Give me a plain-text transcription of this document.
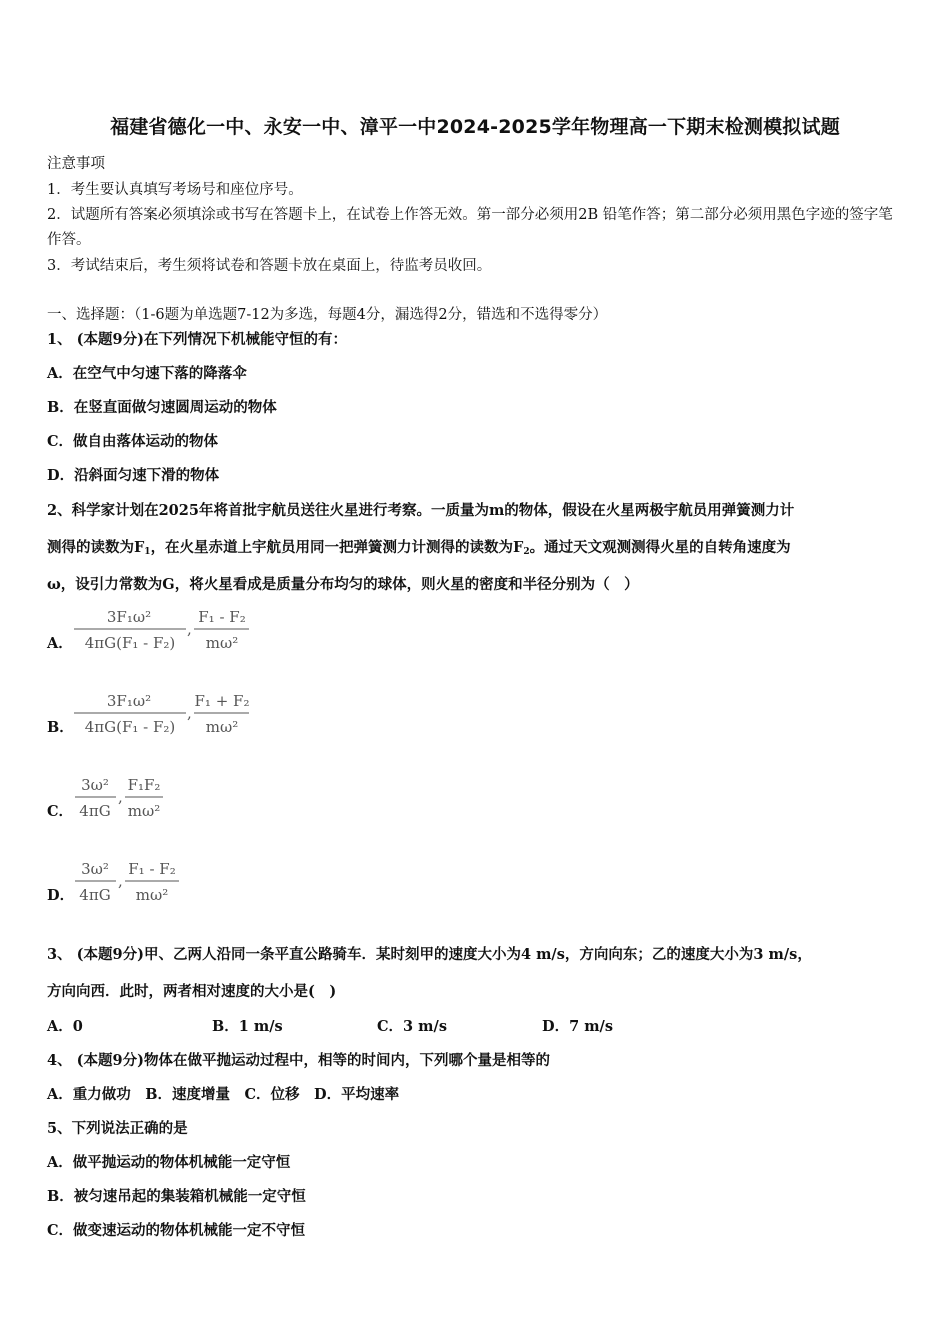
福建省德化一中、永安一中、漳平一中2024-2025学年物理高一下期末检测模拟试题
注意事项
1．考生要认真填写考场号和座位序号。
2．试题所有答案必须填涂或书写在答题卡上，在试卷上作答无效。第一部分必须用2B 铅笔作答；第二部分必须用黑色字迹的签字笔作答。
3．考试结束后，考生须将试卷和答题卡放在桌面上，待监考员收回。
一、选择题：（1-6题为单选题7-12为多选，每题4分，漏选得2分，错选和不选得零分）
1、 (本题9分)在下列情况下机械能守恒的有：
A．在空气中匀速下落的降落伞
B．在竖直面做匀速圆周运动的物体
C．做自由落体运动的物体
D．沿斜面匀速下滑的物体
2、科学家计划在2025年将首批宇航员送往火星进行考察。一质量为m的物体，假设在火星两极宇航员用弹簧测力计
测得的读数为$F_1$，在火星赤道上宇航员用同一把弹簧测力计测得的读数为$F_2$。通过天文观测测得火星的自转角速度为
ω，设引力常数为G，将火星看成是质量分布均匀的球体，则火星的密度和半径分别为（　）
A．
3F₁ω²
4πG(F₁ - F₂)
,
F₁ - F₂
mω²
B．
3F₁ω²
4πG(F₁ - F₂)
,
F₁ + F₂
mω²
C．
3ω²
4πG
,
F₁F₂
mω²
D．
3ω²
4πG
,
F₁ - F₂
mω²
3、 (本题9分)甲、乙两人沿同一条平直公路骑车．某时刻甲的速度大小为4 m/s，方向向东；乙的速度大小为3 m/s，
方向向西．此时，两者相对速度的大小是(　)
A．0	B．1 m/s	C．3 m/s	D．7 m/s
4、 (本题9分)物体在做平抛运动过程中，相等的时间内，下列哪个量是相等的
A．重力做功　B．速度增量　C．位移　D．平均速率
5、下列说法正确的是
A．做平抛运动的物体机械能一定守恒
B．被匀速吊起的集装箱机械能一定守恒
C．做变速运动的物体机械能一定不守恒
